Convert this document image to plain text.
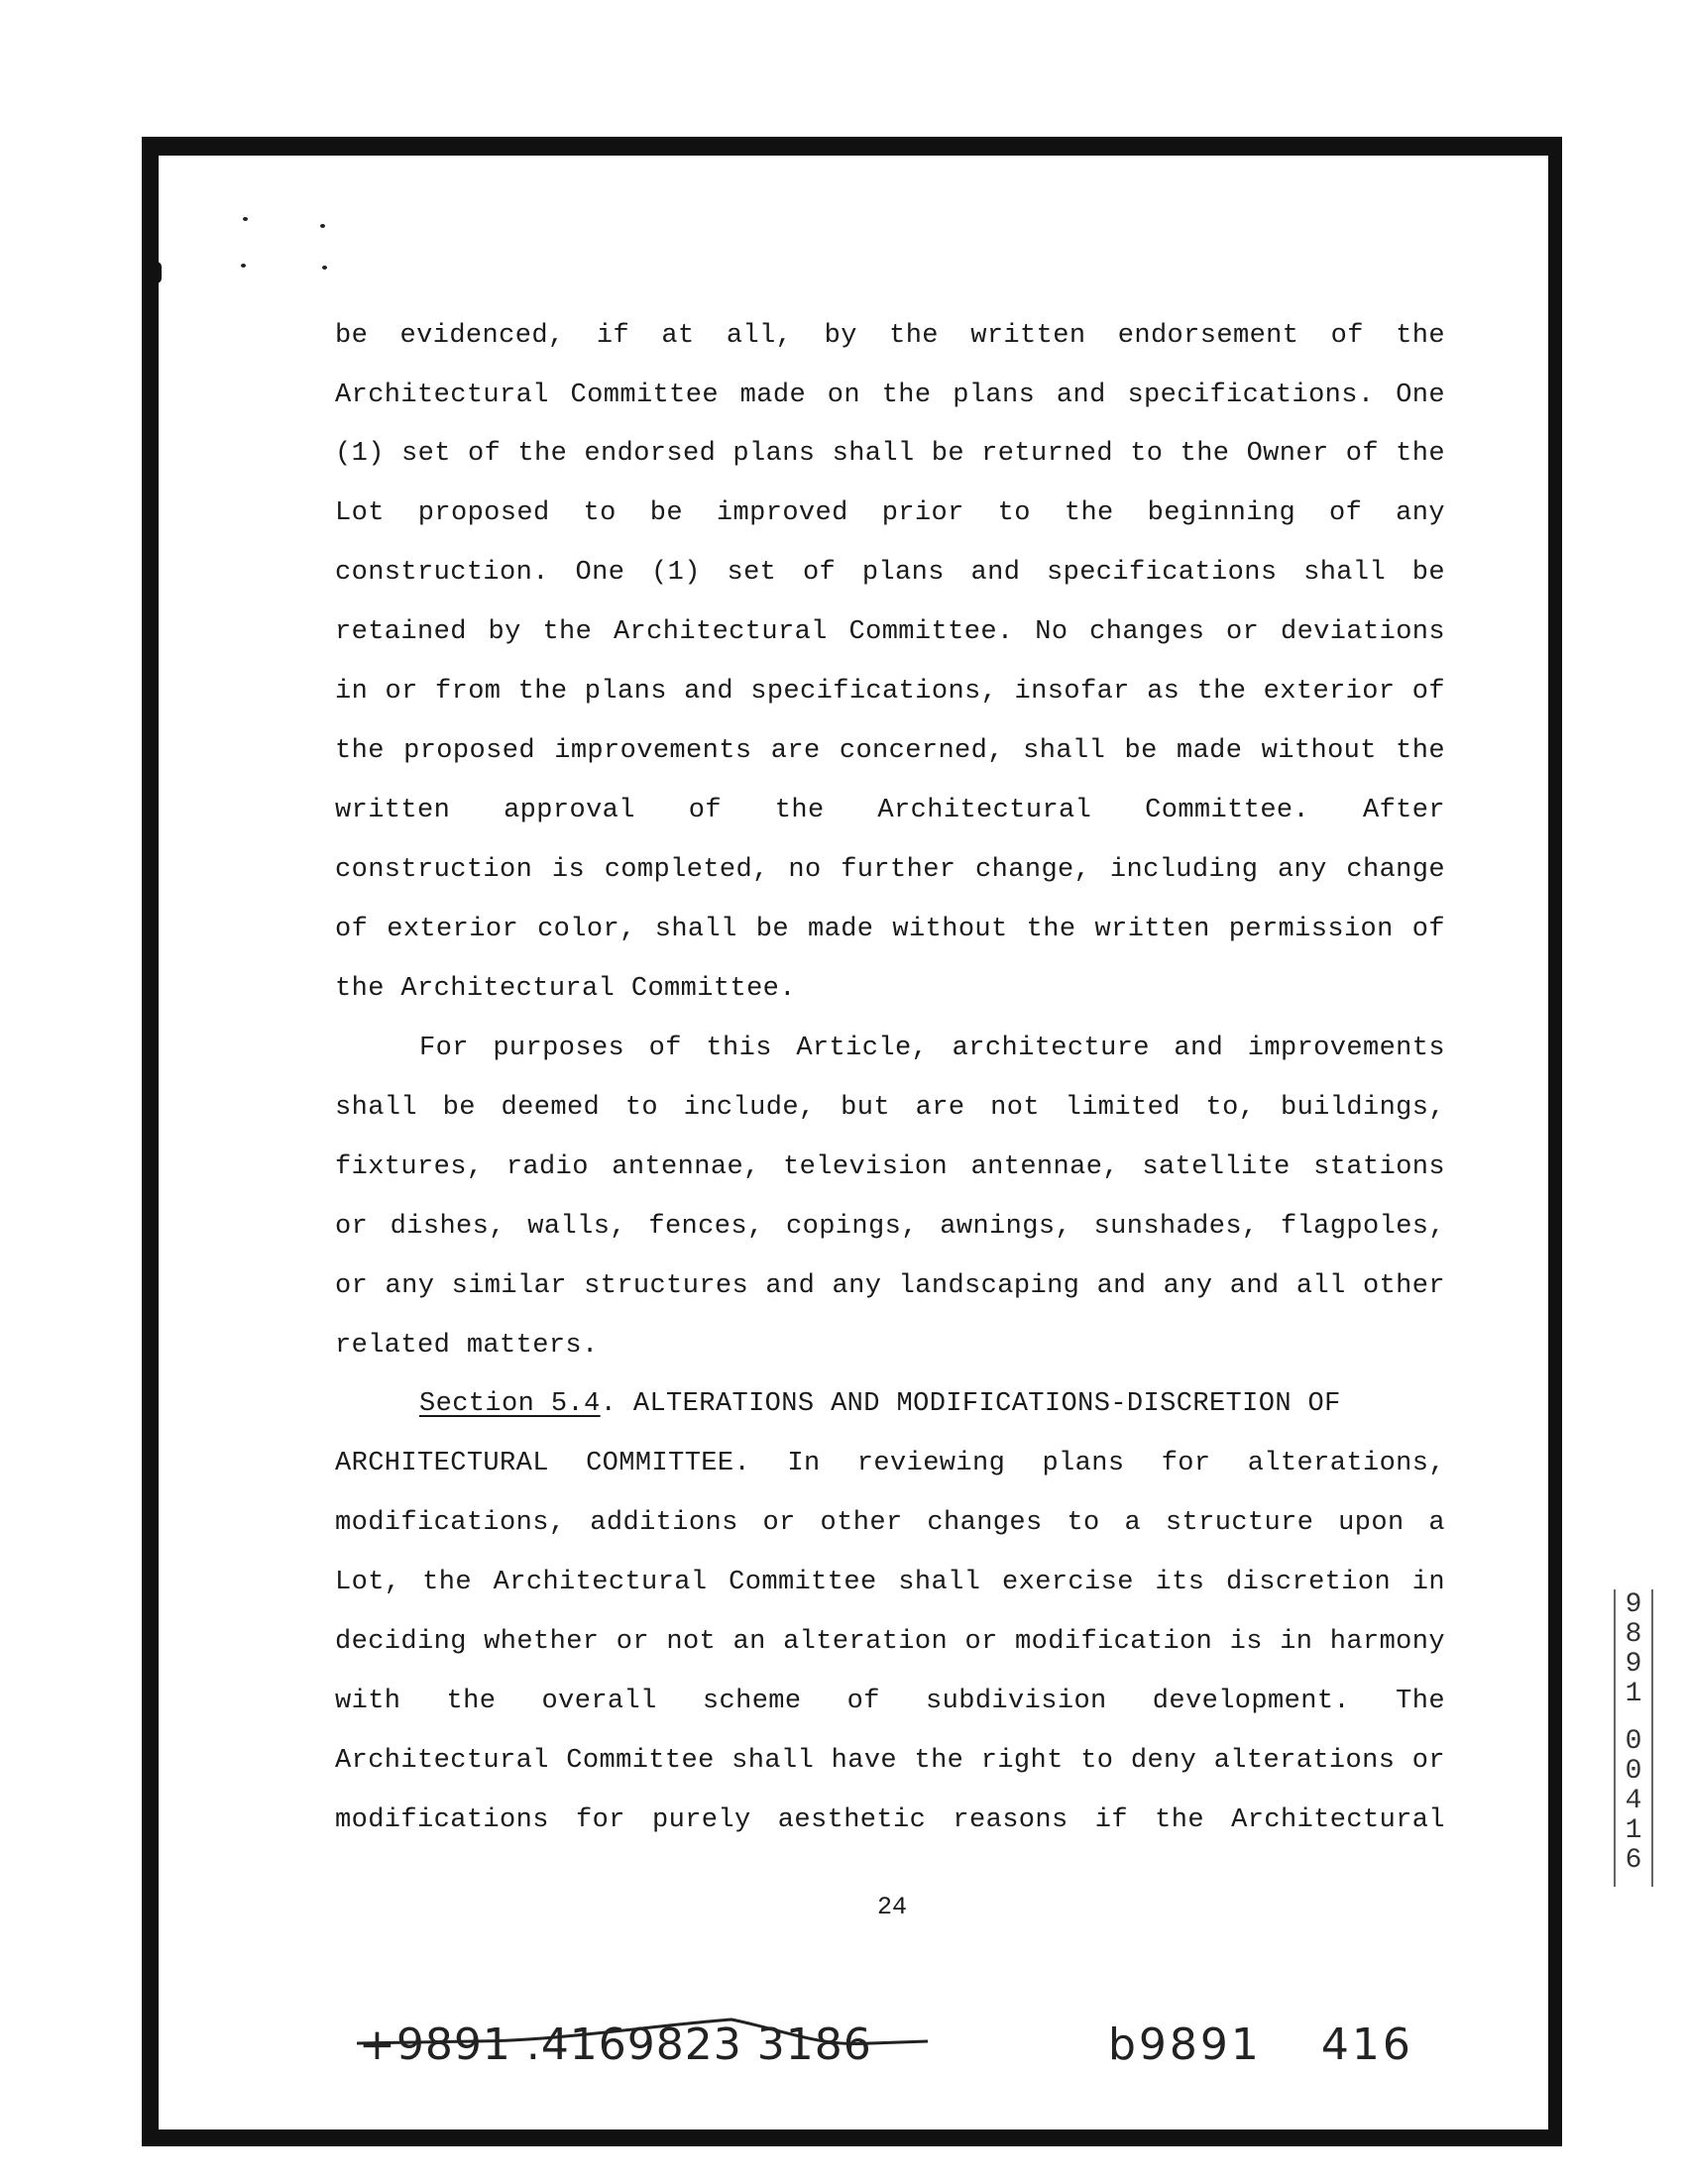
be evidenced, if at all, by the written endorsement of the
Architectural Committee made on the plans and specifications. One
(1) set of the endorsed plans shall be returned to the Owner of the
Lot proposed to be improved prior to the beginning of any
construction. One (1) set of plans and specifications shall be
retained by the Architectural Committee. No changes or deviations
in or from the plans and specifications, insofar as the exterior of
the proposed improvements are concerned, shall be made without the
written approval of the Architectural Committee. After
construction is completed, no further change, including any change
of exterior color, shall be made without the written permission of
the Architectural Committee.
For purposes of this Article, architecture and improvements
shall be deemed to include, but are not limited to, buildings,
fixtures, radio antennae, television antennae, satellite stations
or dishes, walls, fences, copings, awnings, sunshades, flagpoles,
or any similar structures and any landscaping and any and all other
related matters.
Section 5.4. ALTERATIONS AND MODIFICATIONS-DISCRETION OF
ARCHITECTURAL COMMITTEE. In reviewing plans for alterations,
modifications, additions or other changes to a structure upon a
Lot, the Architectural Committee shall exercise its discretion in
deciding whether or not an alteration or modification is in harmony
with the overall scheme of subdivision development. The
Architectural Committee shall have the right to deny alterations or
modifications for purely aesthetic reasons if the Architectural
24
+9891 .4169823 3186	b9891 416
9
8
9
1
0
0
4
1
6
